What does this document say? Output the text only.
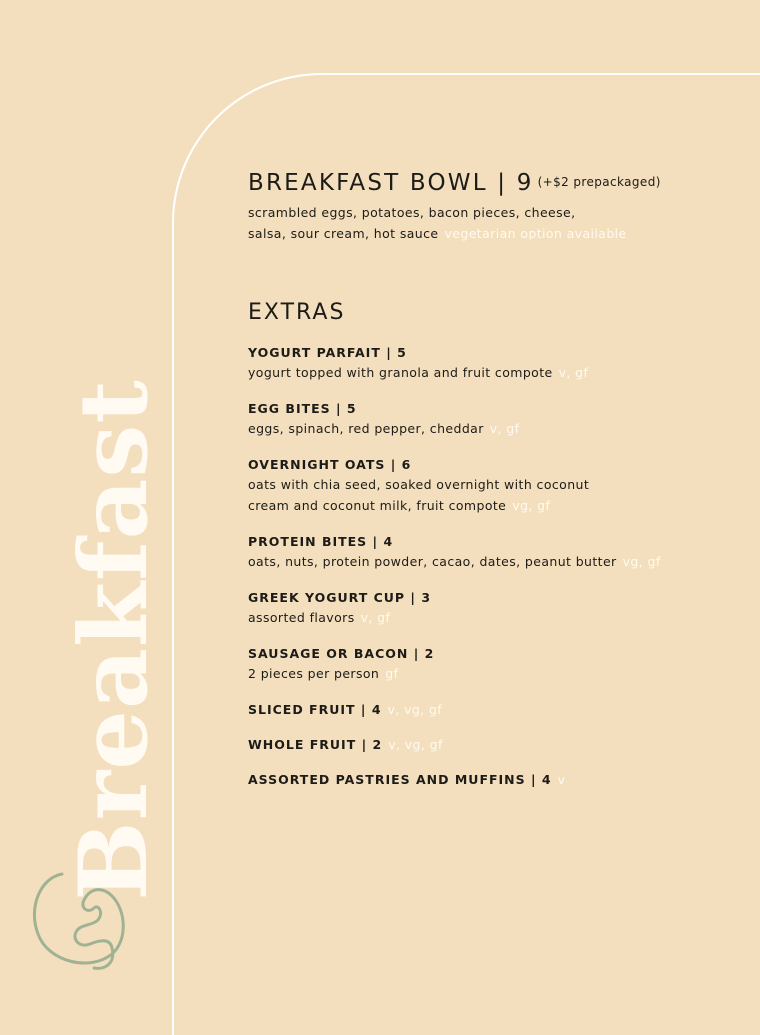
Breakfast
BREAKFAST BOWL | 9 (+$2 prepackaged)

scrambled eggs, potatoes, bacon pieces, cheese,
salsa, sour cream, hot sauce vegetarian option available

EXTRAS

YOGURT PARFAIT | 5

yogurt topped with granola and fruit compote v, gf

EGG BITES | 5

eggs, spinach, red pepper, cheddar v, gf

OVERNIGHT OATS | 6

oats with chia seed, soaked overnight with coconut
cream and coconut milk, fruit compote vg, gf

PROTEIN BITES | 4

oats, nuts, protein powder, cacao, dates, peanut butter vg, gf

GREEK YOGURT CUP | 3

assorted flavors v, gf

SAUSAGE OR BACON | 2

2 pieces per person gf

SLICED FRUIT | 4 v, vg, gf

WHOLE FRUIT | 2 v, vg, gf

ASSORTED PASTRIES AND MUFFINS | 4 v
